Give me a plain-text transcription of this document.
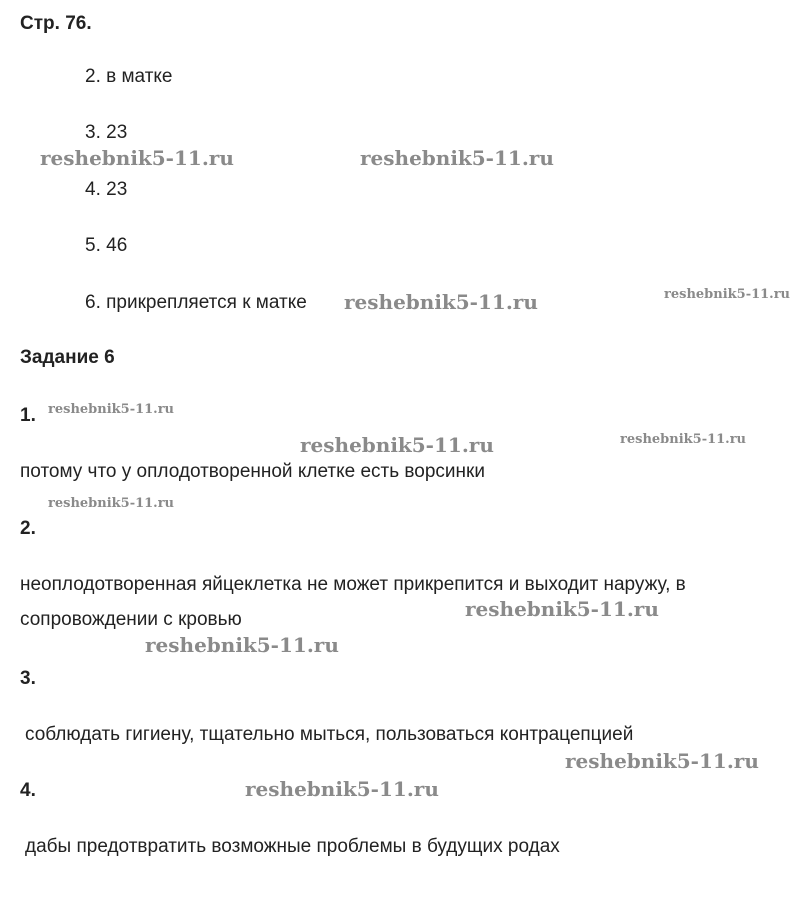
Стр. 76.
2. в матке
3. 23
4. 23
5. 46
6. прикрепляется к матке
Задание 6
1.
потому что у оплодотворенной клетке есть ворсинки
2.
неоплодотворенная яйцеклетка не может прикрепится и выходит наружу, в
сопровождении с кровью
3.
соблюдать гигиену, тщательно мыться, пользоваться контрацепцией
4.
дабы предотвратить возможные проблемы в будущих родах
reshebnik5-11.ru	reshebnik5-11.ru
reshebnik5-11.ru	reshebnik5-11.ru
reshebnik5-11.ru
reshebnik5-11.ru	reshebnik5-11.ru
reshebnik5-11.ru
reshebnik5-11.ru
reshebnik5-11.ru
reshebnik5-11.ru
reshebnik5-11.ru
